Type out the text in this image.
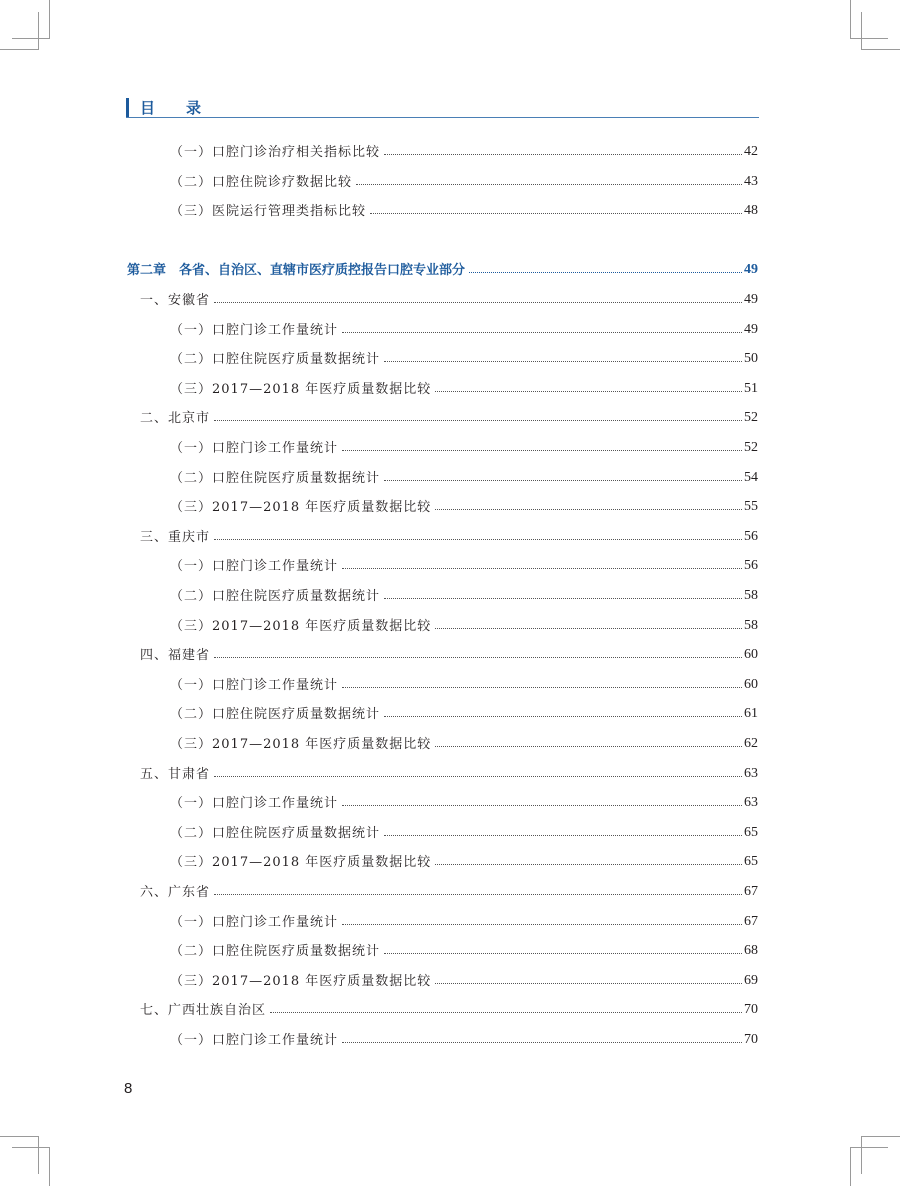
目 录
（一）口腔门诊治疗相关指标比较	42
（二）口腔住院诊疗数据比较	43
（三）医院运行管理类指标比较	48
第二章　各省、自治区、直辖市医疗质控报告口腔专业部分	49
一、安徽省	49
（一）口腔门诊工作量统计	49
（二）口腔住院医疗质量数据统计	50
（三）2017—2018 年医疗质量数据比较	51
二、北京市	52
（一）口腔门诊工作量统计	52
（二）口腔住院医疗质量数据统计	54
（三）2017—2018 年医疗质量数据比较	55
三、重庆市	56
（一）口腔门诊工作量统计	56
（二）口腔住院医疗质量数据统计	58
（三）2017—2018 年医疗质量数据比较	58
四、福建省	60
（一）口腔门诊工作量统计	60
（二）口腔住院医疗质量数据统计	61
（三）2017—2018 年医疗质量数据比较	62
五、甘肃省	63
（一）口腔门诊工作量统计	63
（二）口腔住院医疗质量数据统计	65
（三）2017—2018 年医疗质量数据比较	65
六、广东省	67
（一）口腔门诊工作量统计	67
（二）口腔住院医疗质量数据统计	68
（三）2017—2018 年医疗质量数据比较	69
七、广西壮族自治区	70
（一）口腔门诊工作量统计	70
8
